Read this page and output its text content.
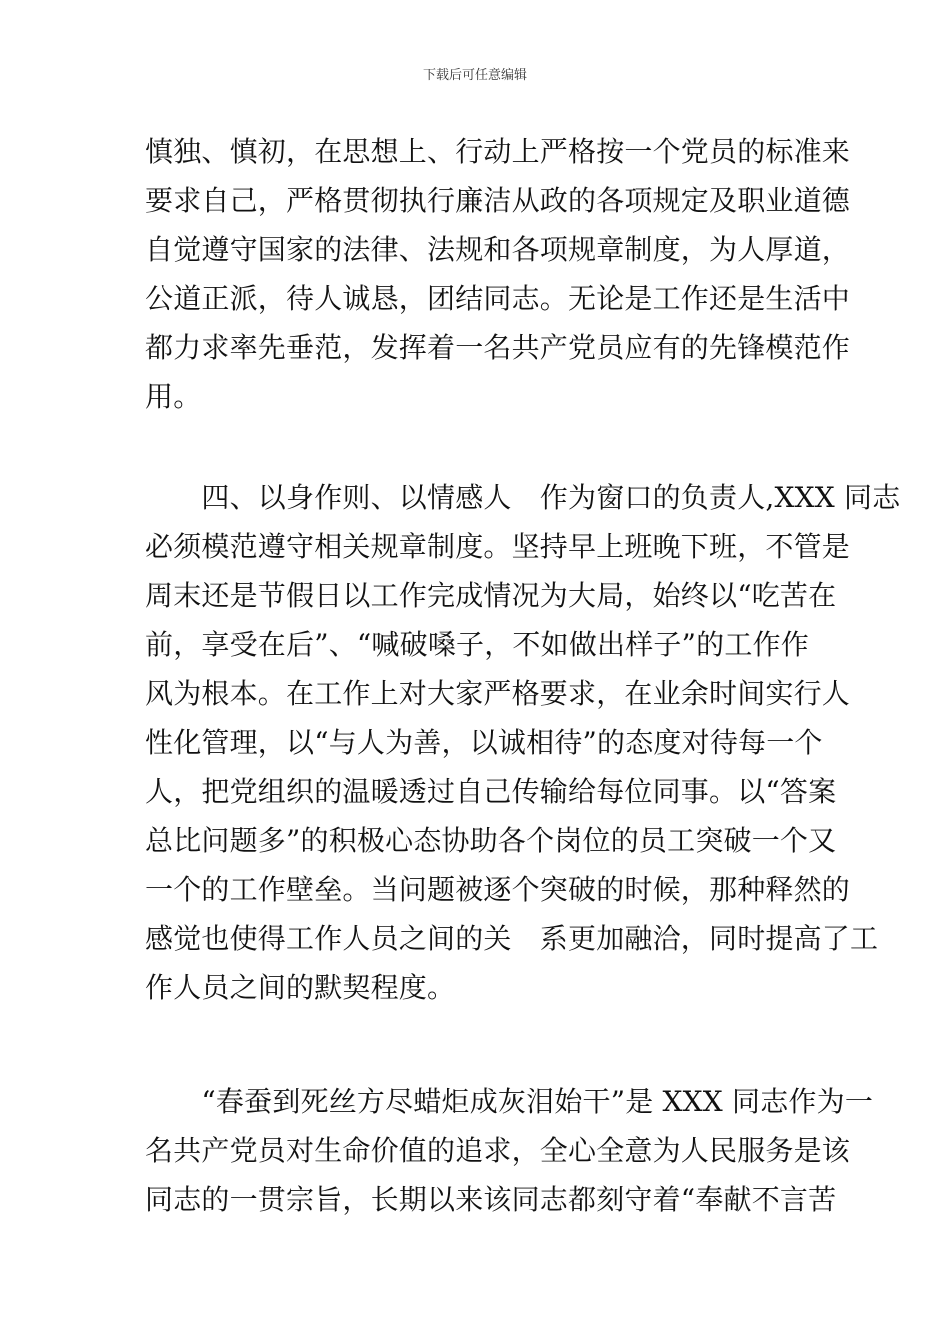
下载后可任意编辑
慎独、慎初，在思想上、行动上严格按一个党员的标准来
要求自己，严格贯彻执行廉洁从政的各项规定及职业道德
自觉遵守国家的法律、法规和各项规章制度，为人厚道，
公道正派，待人诚恳，团结同志。无论是工作还是生活中
都力求率先垂范，发挥着一名共产党员应有的先锋模范作
用。
　　四、以身作则、以情感人　作为窗口的负责人,XXX 同志
必须模范遵守相关规章制度。坚持早上班晚下班，不管是
周末还是节假日以工作完成情况为大局，始终以“吃苦在
前，享受在后”、“喊破嗓子，不如做出样子”的工作作
风为根本。在工作上对大家严格要求，在业余时间实行人
性化管理，以“与人为善，以诚相待”的态度对待每一个
人，把党组织的温暖透过自己传输给每位同事。以“答案
总比问题多”的积极心态协助各个岗位的员工突破一个又
一个的工作壁垒。当问题被逐个突破的时候，那种释然的
感觉也使得工作人员之间的关　系更加融洽，同时提高了工
作人员之间的默契程度。
　　“春蚕到死丝方尽蜡炬成灰泪始干”是 XXX 同志作为一
名共产党员对生命价值的追求，全心全意为人民服务是该
同志的一贯宗旨，长期以来该同志都刻守着“奉献不言苦
